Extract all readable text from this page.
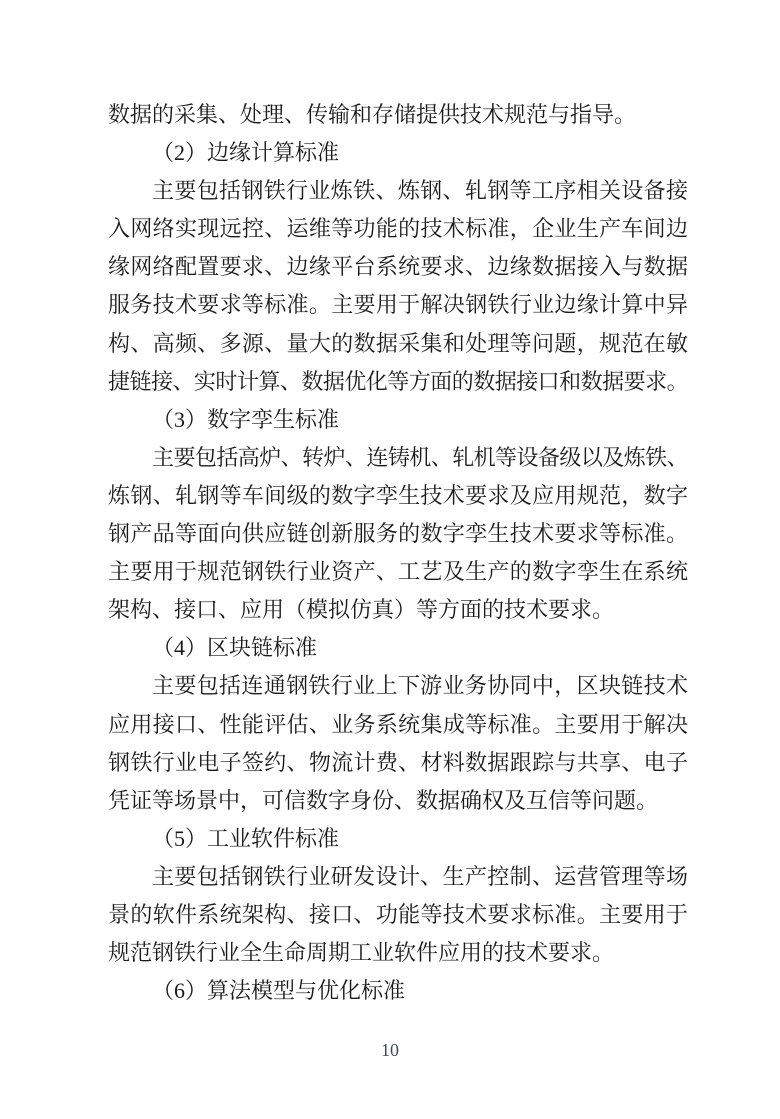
数据的采集、处理、传输和存储提供技术规范与指导。
（2）边缘计算标准
主要包括钢铁行业炼铁、炼钢、轧钢等工序相关设备接
入网络实现远控、运维等功能的技术标准，企业生产车间边
缘网络配置要求、边缘平台系统要求、边缘数据接入与数据
服务技术要求等标准。主要用于解决钢铁行业边缘计算中异
构、高频、多源、量大的数据采集和处理等问题，规范在敏
捷链接、实时计算、数据优化等方面的数据接口和数据要求。
（3）数字孪生标准
主要包括高炉、转炉、连铸机、轧机等设备级以及炼铁、
炼钢、轧钢等车间级的数字孪生技术要求及应用规范，数字
钢产品等面向供应链创新服务的数字孪生技术要求等标准。
主要用于规范钢铁行业资产、工艺及生产的数字孪生在系统
架构、接口、应用（模拟仿真）等方面的技术要求。
（4）区块链标准
主要包括连通钢铁行业上下游业务协同中，区块链技术
应用接口、性能评估、业务系统集成等标准。主要用于解决
钢铁行业电子签约、物流计费、材料数据跟踪与共享、电子
凭证等场景中，可信数字身份、数据确权及互信等问题。
（5）工业软件标准
主要包括钢铁行业研发设计、生产控制、运营管理等场
景的软件系统架构、接口、功能等技术要求标准。主要用于
规范钢铁行业全生命周期工业软件应用的技术要求。
（6）算法模型与优化标准
10
